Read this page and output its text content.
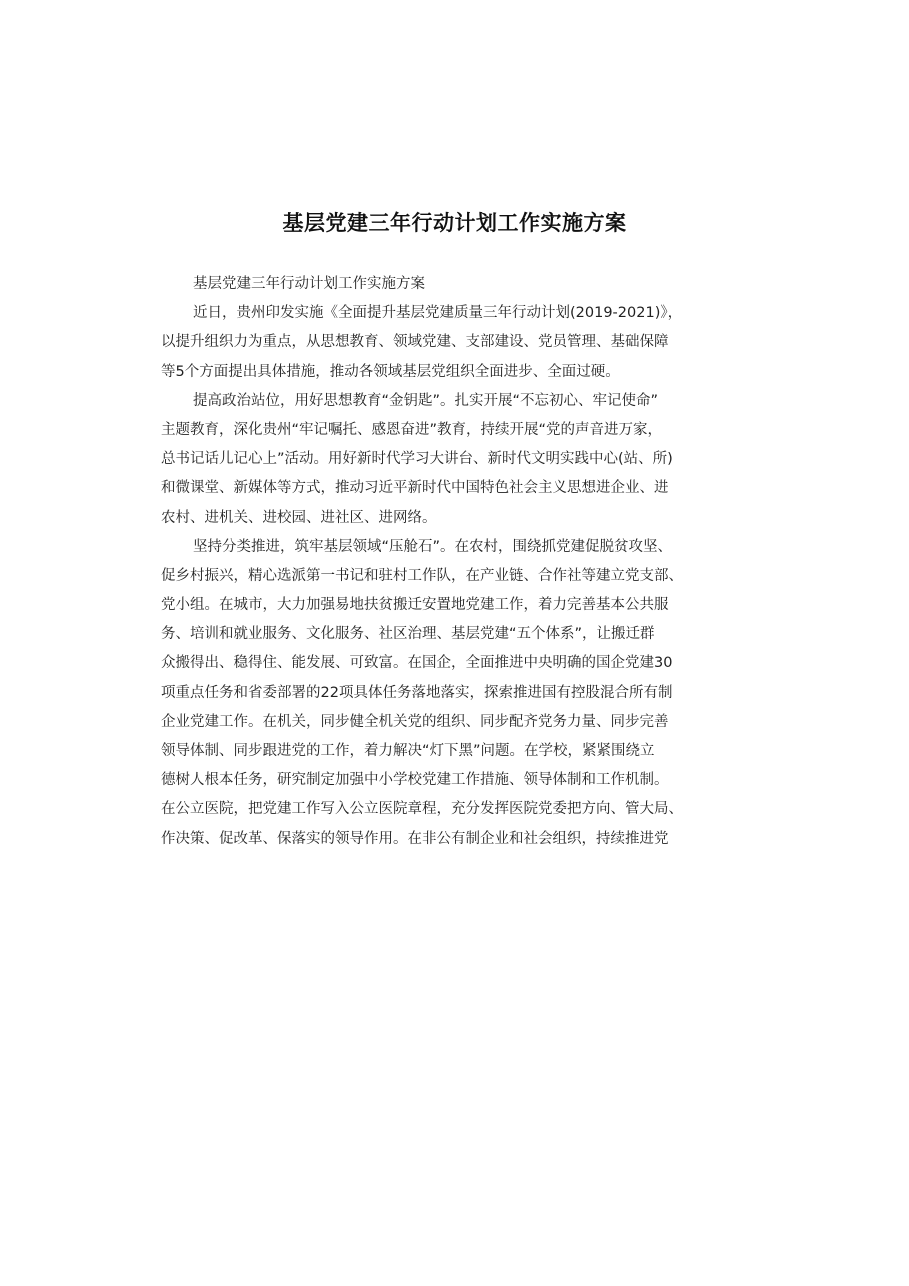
基层党建三年行动计划工作实施方案
基层党建三年行动计划工作实施方案
近日，贵州印发实施《全面提升基层党建质量三年行动计划(2019-2021)》，
以提升组织力为重点，从思想教育、领域党建、支部建设、党员管理、基础保障
等5个方面提出具体措施，推动各领域基层党组织全面进步、全面过硬。
提高政治站位，用好思想教育“金钥匙”。扎实开展“不忘初心、牢记使命”
主题教育，深化贵州“牢记嘱托、感恩奋进”教育，持续开展“党的声音进万家，
总书记话儿记心上”活动。用好新时代学习大讲台、新时代文明实践中心(站、所)
和微课堂、新媒体等方式，推动习近平新时代中国特色社会主义思想进企业、进
农村、进机关、进校园、进社区、进网络。
坚持分类推进，筑牢基层领域“压舱石”。在农村，围绕抓党建促脱贫攻坚、
促乡村振兴，精心选派第一书记和驻村工作队，在产业链、合作社等建立党支部、
党小组。在城市，大力加强易地扶贫搬迁安置地党建工作，着力完善基本公共服
务、培训和就业服务、文化服务、社区治理、基层党建“五个体系”，让搬迁群
众搬得出、稳得住、能发展、可致富。在国企，全面推进中央明确的国企党建30
项重点任务和省委部署的22项具体任务落地落实，探索推进国有控股混合所有制
企业党建工作。在机关，同步健全机关党的组织、同步配齐党务力量、同步完善
领导体制、同步跟进党的工作，着力解决“灯下黑”问题。在学校，紧紧围绕立
德树人根本任务，研究制定加强中小学校党建工作措施、领导体制和工作机制。
在公立医院，把党建工作写入公立医院章程，充分发挥医院党委把方向、管大局、
作决策、促改革、保落实的领导作用。在非公有制企业和社会组织，持续推进党
